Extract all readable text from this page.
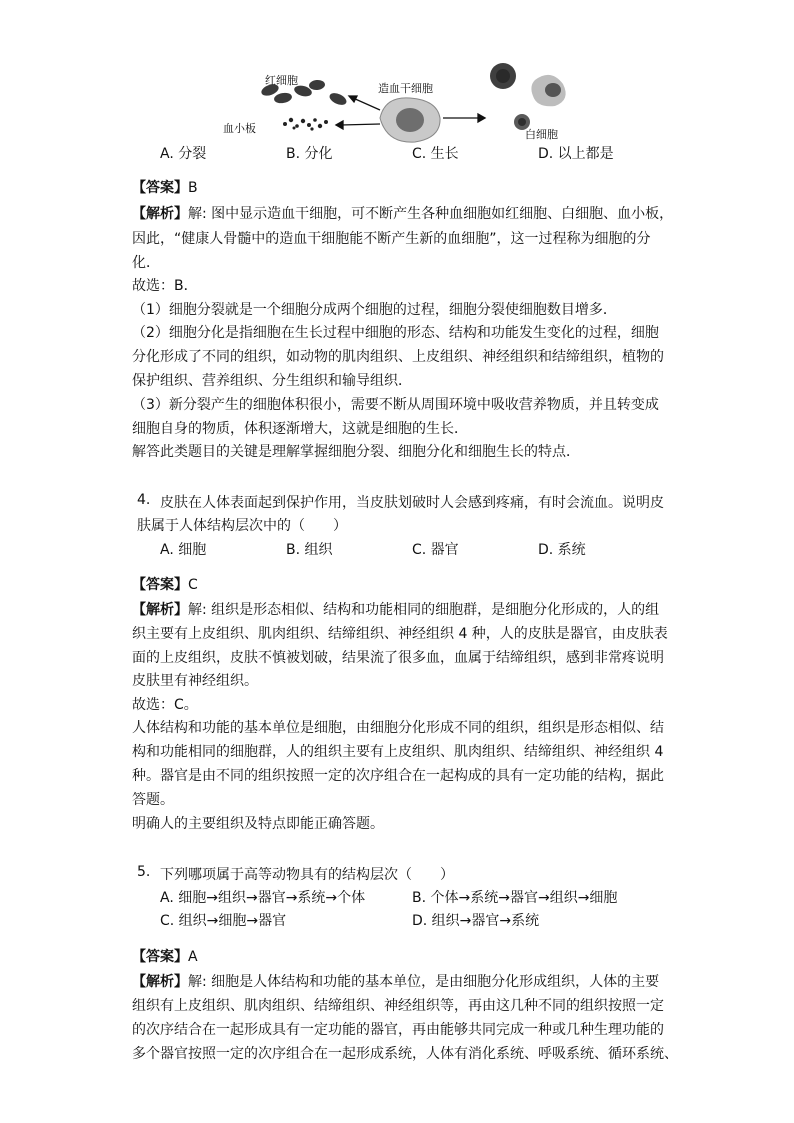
红细胞
造血干细胞
血小板	白细胞
A. 分裂	B. 分化	C. 生长	D. 以上都是
【答案】B
【解析】解: 图中显示造血干细胞，可不断产生各种血细胞如红细胞、白细胞、血小板，
因此，“健康人骨髓中的造血干细胞能不断产生新的血细胞”，这一过程称为细胞的分
化．
故选：B．
（1）细胞分裂就是一个细胞分成两个细胞的过程，细胞分裂使细胞数目增多．
（2）细胞分化是指细胞在生长过程中细胞的形态、结构和功能发生变化的过程，细胞
分化形成了不同的组织，如动物的肌肉组织、上皮组织、神经组织和结缔组织，植物的
保护组织、营养组织、分生组织和输导组织．
（3）新分裂产生的细胞体积很小，需要不断从周围环境中吸收营养物质，并且转变成
细胞自身的物质，体积逐渐增大，这就是细胞的生长．
解答此类题目的关键是理解掌握细胞分裂、细胞分化和细胞生长的特点．
4. 皮肤在人体表面起到保护作用，当皮肤划破时人会感到疼痛，有时会流血。说明皮
肤属于人体结构层次中的（　　）
A. 细胞	B. 组织	C. 器官	D. 系统
【答案】C
【解析】解: 组织是形态相似、结构和功能相同的细胞群，是细胞分化形成的，人的组
织主要有上皮组织、肌肉组织、结缔组织、神经组织 4 种，人的皮肤是器官，由皮肤表
面的上皮组织，皮肤不慎被划破，结果流了很多血，血属于结缔组织，感到非常疼说明
皮肤里有神经组织。
故选：C。
人体结构和功能的基本单位是细胞，由细胞分化形成不同的组织，组织是形态相似、结
构和功能相同的细胞群，人的组织主要有上皮组织、肌肉组织、结缔组织、神经组织 4
种。器官是由不同的组织按照一定的次序组合在一起构成的具有一定功能的结构，据此
答题。
明确人的主要组织及特点即能正确答题。
5. 下列哪项属于高等动物具有的结构层次（　　）
A. 细胞→组织→器官→系统→个体	B. 个体→系统→器官→组织→细胞
C. 组织→细胞→器官	D. 组织→器官→系统
【答案】A
【解析】解: 细胞是人体结构和功能的基本单位，是由细胞分化形成组织，人体的主要
组织有上皮组织、肌肉组织、结缔组织、神经组织等，再由这几种不同的组织按照一定
的次序结合在一起形成具有一定功能的器官，再由能够共同完成一种或几种生理功能的
多个器官按照一定的次序组合在一起形成系统，人体有消化系统、呼吸系统、循环系统、
